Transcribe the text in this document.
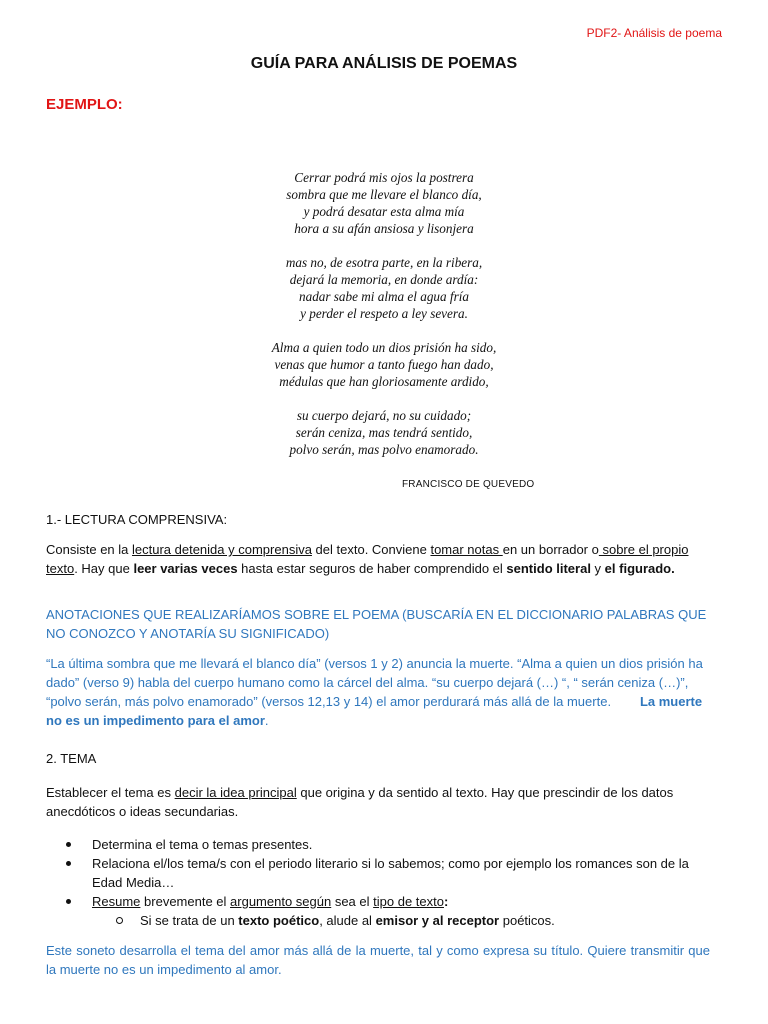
PDF2- Análisis de poema
GUÍA PARA ANÁLISIS DE POEMAS
EJEMPLO:
Cerrar podrá mis ojos la postrera
sombra que me llevare el blanco día,
y podrá desatar esta alma mía
hora a su afán ansiosa y lisonjera
mas no, de esotra parte, en la ribera,
dejará la memoria, en donde ardía:
nadar sabe mi alma el agua fría
y perder el respeto a ley severa.
Alma a quien todo un dios prisión ha sido,
venas que humor a tanto fuego han dado,
médulas que han gloriosamente ardido,
su cuerpo dejará, no su cuidado;
serán ceniza, mas tendrá sentido,
polvo serán, mas polvo enamorado.
FRANCISCO DE QUEVEDO
1.- LECTURA COMPRENSIVA:
Consiste en la lectura detenida y comprensiva del texto. Conviene tomar notas en un borrador o sobre el propio texto. Hay que leer varias veces hasta estar seguros de haber comprendido el sentido literal y el figurado.
ANOTACIONES QUE REALIZARÍAMOS SOBRE EL POEMA (BUSCARÍA EN EL DICCIONARIO PALABRAS QUE NO CONOZCO Y ANOTARÍA SU SIGNIFICADO)
“La última sombra que me llevará el blanco día” (versos 1 y 2) anuncia la muerte. “Alma a quien un dios prisión ha dado” (verso 9) habla del cuerpo humano como la cárcel del alma. “su cuerpo dejará (…) “, “ serán ceniza (…)”, “polvo serán, más polvo enamorado” (versos 12,13 y 14) el amor perdurará más allá de la muerte. La muerte no es un impedimento para el amor.
2. TEMA
Establecer el tema es decir la idea principal que origina y da sentido al texto. Hay que prescindir de los datos anecdóticos o ideas secundarias.
Determina el tema o temas presentes.
Relaciona el/los tema/s con el periodo literario si lo sabemos; como por ejemplo los romances son de la Edad Media…
Resume brevemente el argumento según sea el tipo de texto:
Si se trata de un texto poético, alude al emisor y al receptor poéticos.
Este soneto desarrolla el tema del amor más allá de la muerte, tal y como expresa su título. Quiere transmitir que la muerte no es un impedimento al amor.
